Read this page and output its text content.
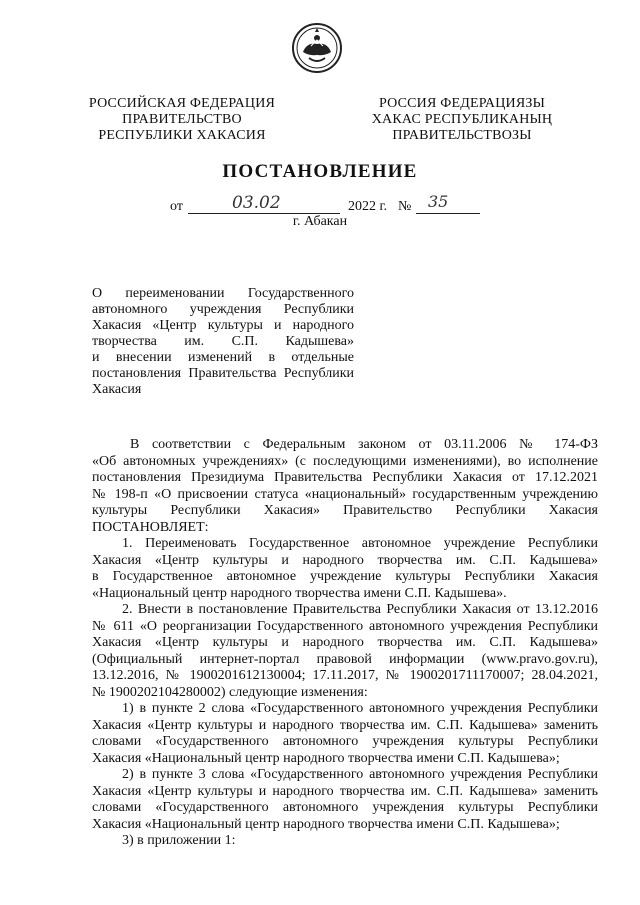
РОССИЙСКАЯ ФЕДЕРАЦИЯ
ПРАВИТЕЛЬСТВО
РЕСПУБЛИКИ ХАКАСИЯ
РОССИЯ ФЕДЕРАЦИЯЗЫ
ХАКАС РЕСПУБЛИКАНЫҢ
ПРАВИТЕЛЬСТВОЗЫ
ПОСТАНОВЛЕНИЕ
от	03.02	2022 г. № 35
г. Абакан
О переименовании Государственного
автономного учреждения Республики
Хакасия «Центр культуры и народного
творчества им. С.П. Кадышева»
и внесении изменений в отдельные
постановления Правительства Республики
Хакасия
В соответствии с Федеральным законом от 03.11.2006 № 174-ФЗ
«Об автономных учреждениях» (с последующими изменениями), во исполнение
постановления Президиума Правительства Республики Хакасия от 17.12.2021
№ 198-п «О присвоении статуса «национальный» государственным учреждению
культуры Республики Хакасия» Правительство Республики Хакасия
ПОСТАНОВЛЯЕТ:
1. Переименовать Государственное автономное учреждение Республики
Хакасия «Центр культуры и народного творчества им. С.П. Кадышева»
в Государственное автономное учреждение культуры Республики Хакасия
«Национальный центр народного творчества имени С.П. Кадышева».
2. Внести в постановление Правительства Республики Хакасия от 13.12.2016
№ 611 «О реорганизации Государственного автономного учреждения Республики
Хакасия «Центр культуры и народного творчества им. С.П. Кадышева»
(Официальный интернет-портал правовой информации (www.pravo.gov.ru),
13.12.2016, № 1900201612130004; 17.11.2017, № 1900201711170007; 28.04.2021,
№ 1900202104280002) следующие изменения:
1) в пункте 2 слова «Государственного автономного учреждения Республики
Хакасия «Центр культуры и народного творчества им. С.П. Кадышева» заменить
словами «Государственного автономного учреждения культуры Республики
Хакасия «Национальный центр народного творчества имени С.П. Кадышева»;
2) в пункте 3 слова «Государственного автономного учреждения Республики
Хакасия «Центр культуры и народного творчества им. С.П. Кадышева» заменить
словами «Государственного автономного учреждения культуры Республики
Хакасия «Национальный центр народного творчества имени С.П. Кадышева»;
3) в приложении 1:
